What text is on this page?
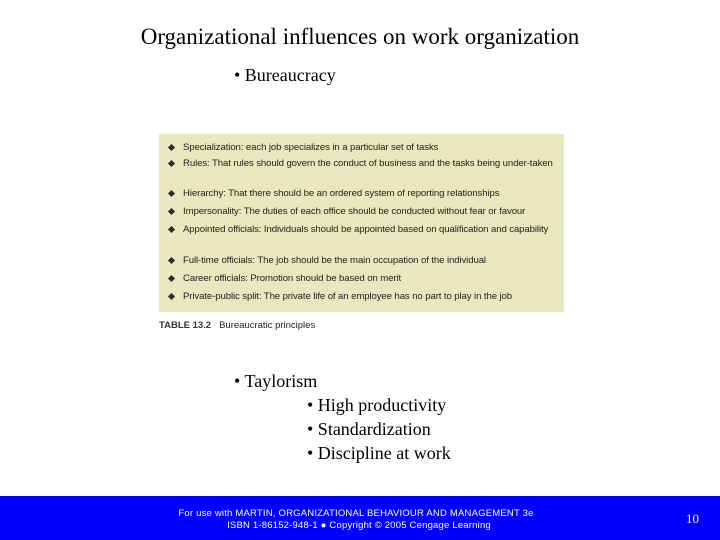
Organizational influences on work organization
• Bureaucracy
Specialization: each job specializes in a particular set of tasks
Rules: That rules should govern the conduct of business and the tasks being under-taken
Hierarchy: That there should be an ordered system of reporting relationships
Impersonality: The duties of each office should be conducted without fear or favour
Appointed officials: Individuals should be appointed based on qualification and capability
Full-time officials: The job should be the main occupation of the individual
Career officials: Promotion should be based on merit
Private-public split: The private life of an employee has no part to play in the job
TABLE 13.2 Bureaucratic principles
• Taylorism
• High productivity
• Standardization
• Discipline at work
For use with MARTIN, ORGANIZATIONAL BEHAVIOUR AND MANAGEMENT 3e
ISBN 1-86152-948-1 ● Copyright © 2005 Cengage Learning	10
